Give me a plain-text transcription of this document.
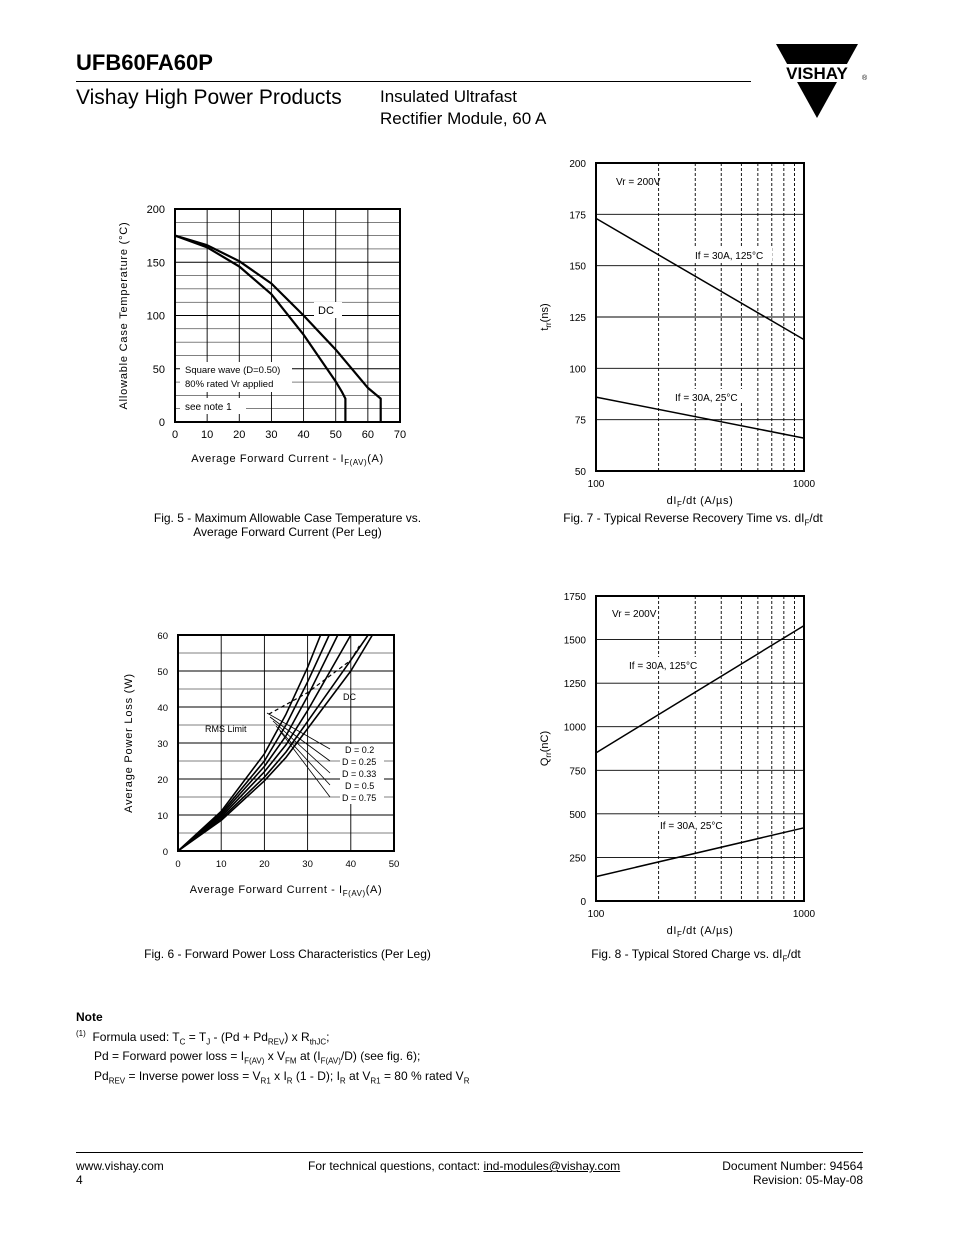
UFB60FA60P
Vishay High Power Products Insulated Ultrafast
Rectifier Module, 60 A
VISHAY ®
0
50
100
150
200
0 10 20 30 40 50 60 70
Average Forward Current - $I_{F(AV)}(A)$
Allowable Case Temperature (°C)	Square wave (D=0.50)
80% rated Vr applied
see note 1
DC
Fig. 5 - Maximum Allowable Case Temperature vs.
Average Forward Current (Per Leg)
50
75
100
125
150
175
200
100	1000
$dI_F/dt$ (A/µs)
$t_{rr}(ns)$
Vr = 200V
If = 30A, 125°C
If = 30A, 25°C
Fig. 7 - Typical Reverse Recovery Time vs. $dI_F/dt$
0
10
20
30
40
50
60
0	10	20	30	40	50
Average Forward Current - $I_{F(AV)}(A)$
Average Power Loss (W)	RMS Limit
DC
D = 0.2
D = 0.25
D = 0.33
D = 0.5
D = 0.75
Fig. 6 - Forward Power Loss Characteristics (Per Leg)
0
250
500
750
1000
1250
1500
1750
100	1000
$dI_F/dt$ (A/µs)
$Q_{rr}(nC)$
Vr = 200V
If = 30A, 125°C
If = 30A, 25°C
Fig. 8 - Typical Stored Charge vs. $dI_F/dt$
Note
$^{(1)}$ Formula used: $T_C = T_J - (Pd + Pd_{REV})$ x $R_{thJC}$;
Pd = Forward power loss = $I_{F(AV)}$ x $V_{FM}$ at $(I_{F(AV)}/D)$ (see fig. 6);
$Pd_{REV}$ = Inverse power loss = $V_{R1}$ x $I_R$ (1 - D); $I_R$ at $V_{R1} = 80$ % rated $V_R$
www.vishay.com
4
For technical questions, contact: ind-modules@vishay.com	Document Number: 94564
Revision: 05-May-08
